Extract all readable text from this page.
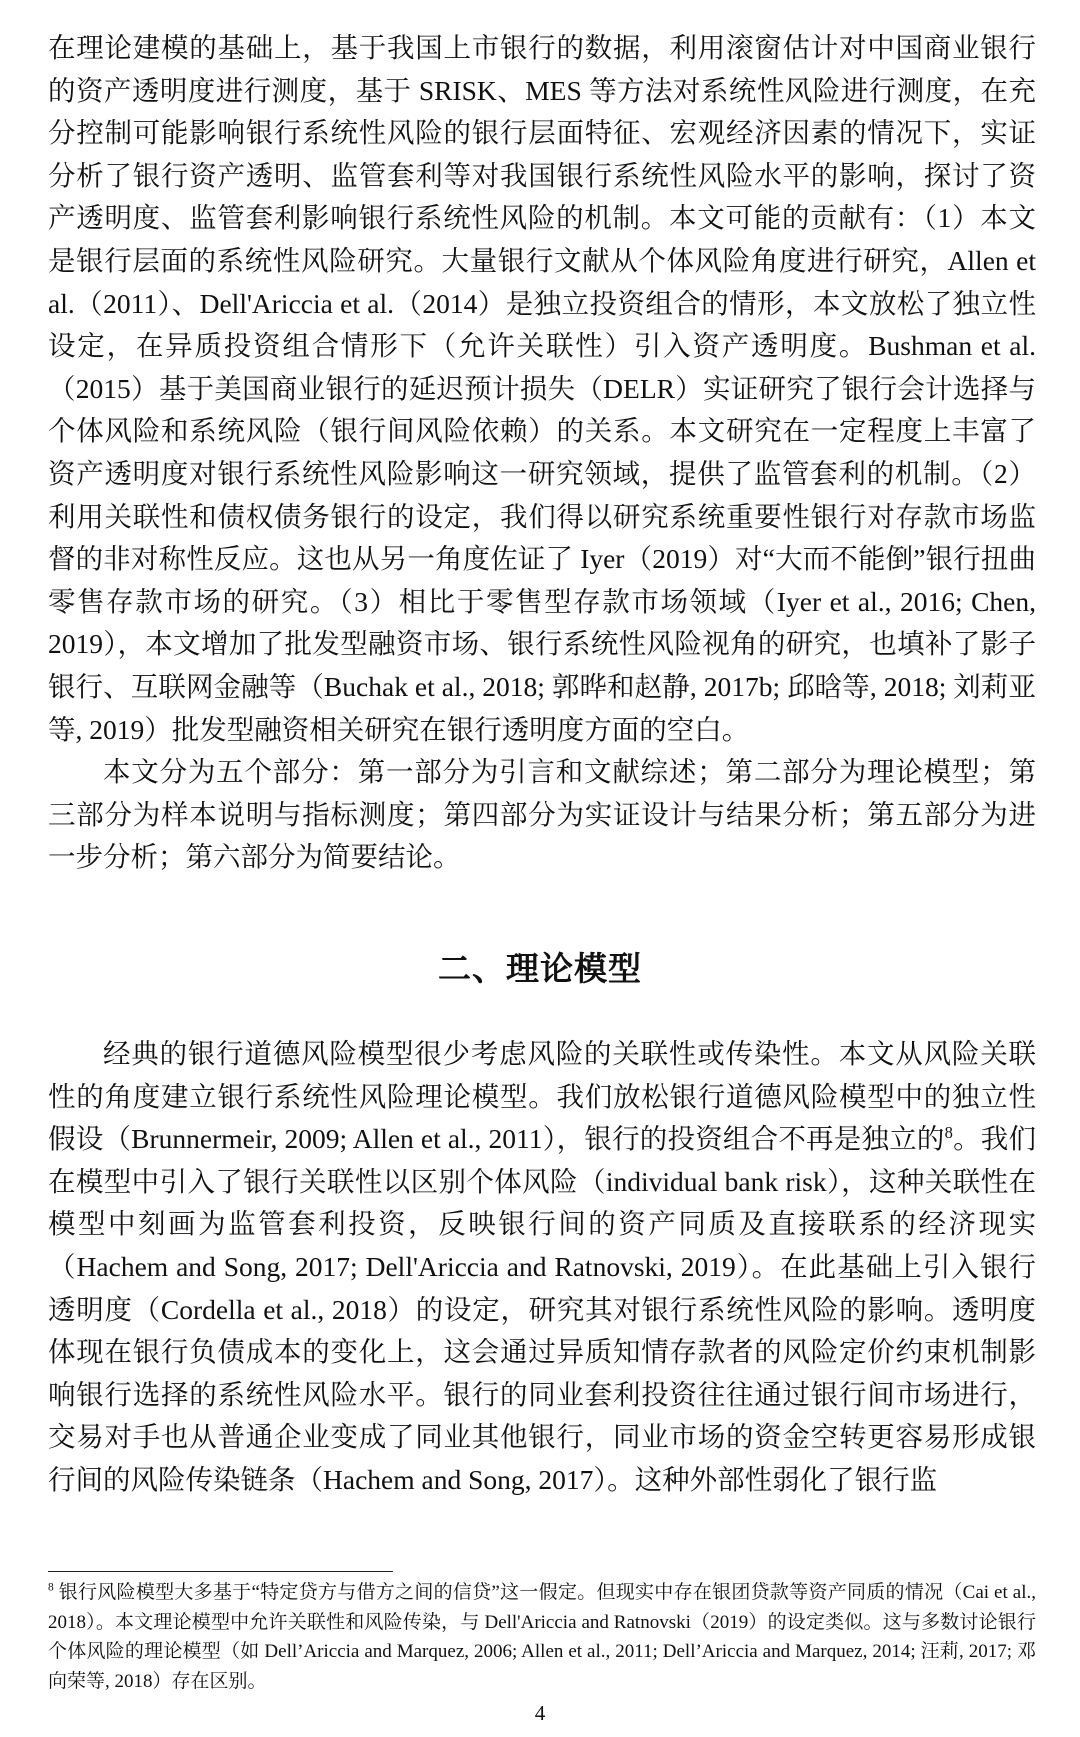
在理论建模的基础上，基于我国上市银行的数据，利用滚窗估计对中国商业银行的资产透明度进行测度，基于 SRISK、MES 等方法对系统性风险进行测度，在充分控制可能影响银行系统性风险的银行层面特征、宏观经济因素的情况下，实证分析了银行资产透明、监管套利等对我国银行系统性风险水平的影响，探讨了资产透明度、监管套利影响银行系统性风险的机制。本文可能的贡献有：（1）本文是银行层面的系统性风险研究。大量银行文献从个体风险角度进行研究，Allen et al.（2011）、Dell'Ariccia et al.（2014）是独立投资组合的情形，本文放松了独立性设定，在异质投资组合情形下（允许关联性）引入资产透明度。Bushman et al.（2015）基于美国商业银行的延迟预计损失（DELR）实证研究了银行会计选择与个体风险和系统风险（银行间风险依赖）的关系。本文研究在一定程度上丰富了资产透明度对银行系统性风险影响这一研究领域，提供了监管套利的机制。（2）利用关联性和债权债务银行的设定，我们得以研究系统重要性银行对存款市场监督的非对称性反应。这也从另一角度佐证了 Iyer（2019）对“大而不能倒”银行扭曲零售存款市场的研究。（3）相比于零售型存款市场领域（Iyer et al., 2016; Chen, 2019），本文增加了批发型融资市场、银行系统性风险视角的研究，也填补了影子银行、互联网金融等（Buchak et al., 2018; 郭晔和赵静, 2017b; 邱晗等, 2018; 刘莉亚等, 2019）批发型融资相关研究在银行透明度方面的空白。

本文分为五个部分：第一部分为引言和文献综述；第二部分为理论模型；第三部分为样本说明与指标测度；第四部分为实证设计与结果分析；第五部分为进一步分析；第六部分为简要结论。

二、理论模型

经典的银行道德风险模型很少考虑风险的关联性或传染性。本文从风险关联性的角度建立银行系统性风险理论模型。我们放松银行道德风险模型中的独立性假设（Brunnermeir, 2009; Allen et al., 2011），银行的投资组合不再是独立的$^8$。我们在模型中引入了银行关联性以区别个体风险（individual bank risk），这种关联性在模型中刻画为监管套利投资，反映银行间的资产同质及直接联系的经济现实（Hachem and Song, 2017; Dell'Ariccia and Ratnovski, 2019）。在此基础上引入银行透明度（Cordella et al., 2018）的设定，研究其对银行系统性风险的影响。透明度体现在银行负债成本的变化上，这会通过异质知情存款者的风险定价约束机制影响银行选择的系统性风险水平。银行的同业套利投资往往通过银行间市场进行，交易对手也从普通企业变成了同业其他银行，同业市场的资金空转更容易形成银行间的风险传染链条（Hachem and Song, 2017）。这种外部性弱化了银行监

$^8$ 银行风险模型大多基于“特定贷方与借方之间的信贷”这一假定。但现实中存在银团贷款等资产同质的情况（Cai et al., 2018）。本文理论模型中允许关联性和风险传染，与 Dell'Ariccia and Ratnovski（2019）的设定类似。这与多数讨论银行个体风险的理论模型（如 Dell’Ariccia and Marquez, 2006; Allen et al., 2011; Dell’Ariccia and Marquez, 2014; 汪莉, 2017; 邓向荣等, 2018）存在区别。

4
